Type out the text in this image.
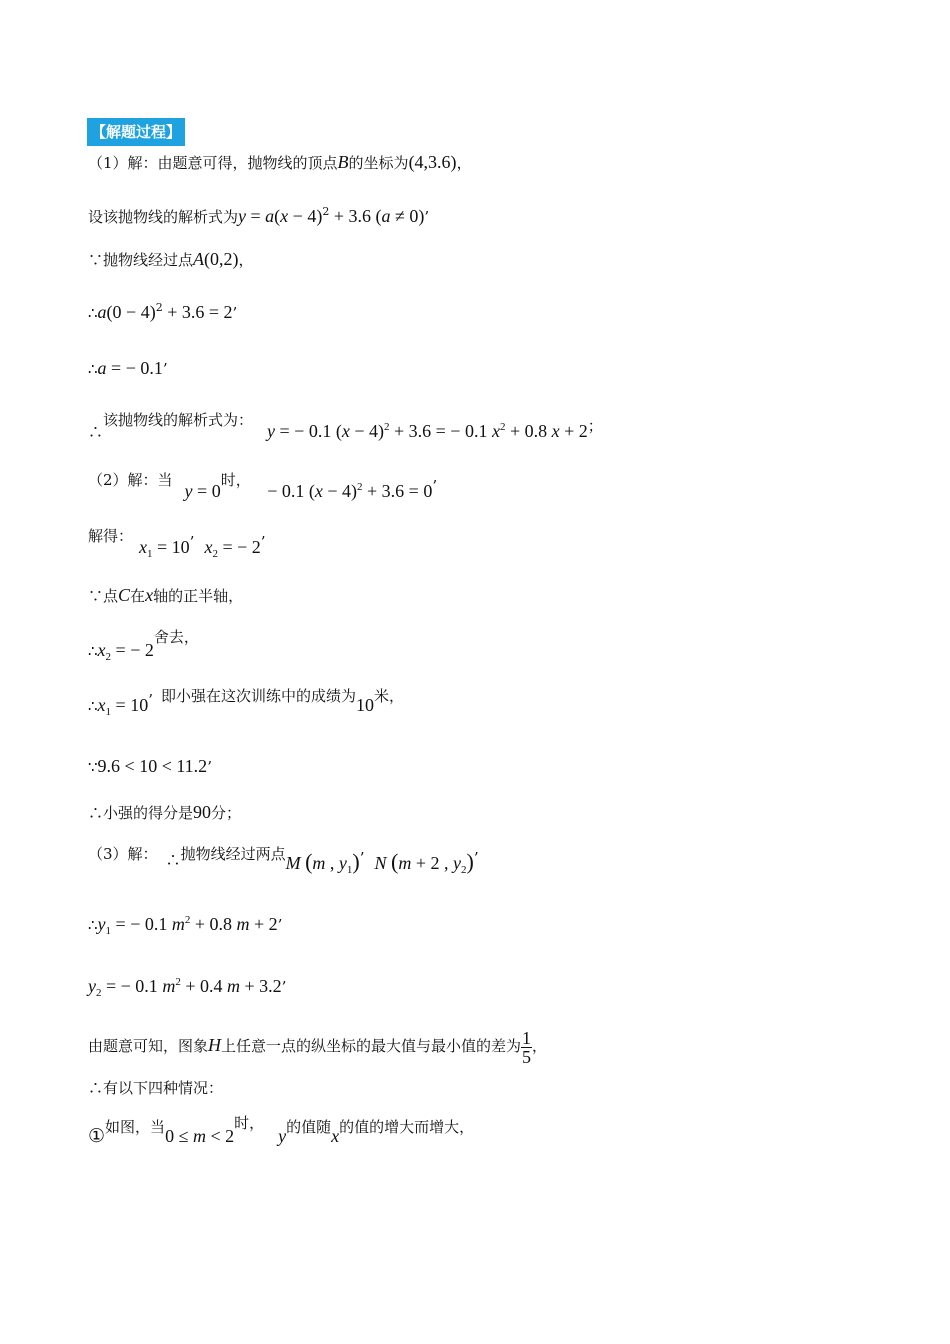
【解题过程】
（1）解：由题意可得，抛物线的顶点B的坐标为(4,3.6)，
设该抛物线的解析式为$y = a(x - 4)^2 + 3.6$ (a ≠ 0)’
∵抛物线经过点A(0,2)，
∴a(0 − 4)$^2$ + 3.6 = 2’
∴a = − 0.1’
∴该抛物线的解析式为：y = − 0.1 $(x - 4)^2 + 3.6$ = − 0.1 $x^2 + 0.8$ x + 2；
（2）解：当y = 0时， − 0.1 $(x - 4)^2 + 3.6 = 0$’
解得：$x_1 = 10$’ $x_2$ = − 2’
∵点C在x轴的正半轴，
$\therefore x_2$ = − 2舍去，
$\therefore x_1 = 10$’ 即小强在这次训练中的成绩为10米，
∵9.6 < 10 < 11.2’
∴小强的得分是90分；
（3）解： ∴抛物线经过两点M (m , $y_1$)’ N (m + 2 , $y_2$)’
$\therefore y_1$ = − 0.1 $m^2 + 0.8$ m + 2’
$y_2$ = − 0.1 $m^2 + 0.4$ m + 3.2’
由题意可知，图象H上任意一点的纵坐标的最大值与最小值的差为 $\frac{1}{5}$ ，
∴有以下四种情况：
①如图，当0 ≤ m < 2时，y的值随x的值的增大而增大，
